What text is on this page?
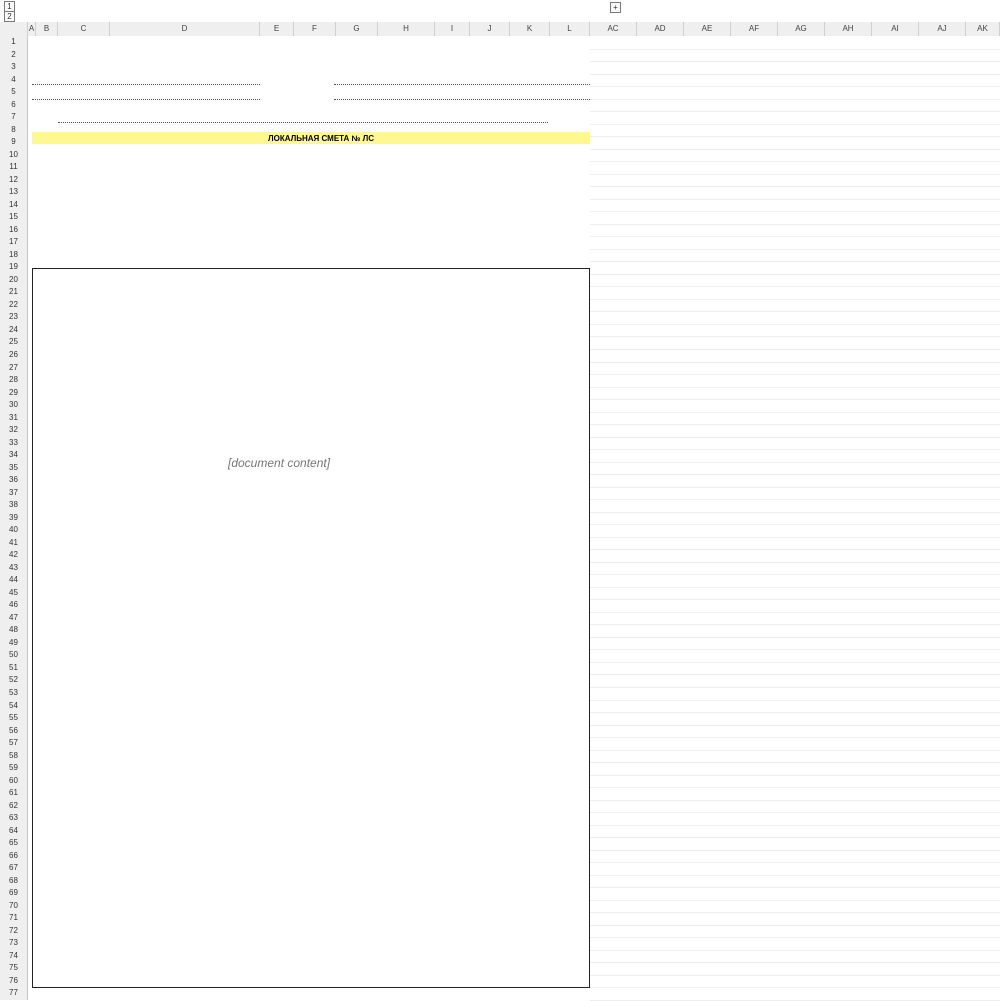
1
2
+
A	B	C	D	E	F	G	H	I	J	K	L	AC	AD	AE	AF	AG	AH	AI	AJ	AK
1
2
3
4
5
6
7
8
9
10
11
12
13
14
15
16
17
18
19
20
21
22
23
24
25
26
27
28
29
30
31
32
33
34
35
36
37
38
39
40
41
42
43
44
45
46
47
48
49
50
51
52
53
54
55
56
57
58
59
60
61
62
63
64
65
66
67
68
69
70
71
72
73
74
75
76
77
ЛОКАЛЬНАЯ СМЕТА № ЛС
[document content]
